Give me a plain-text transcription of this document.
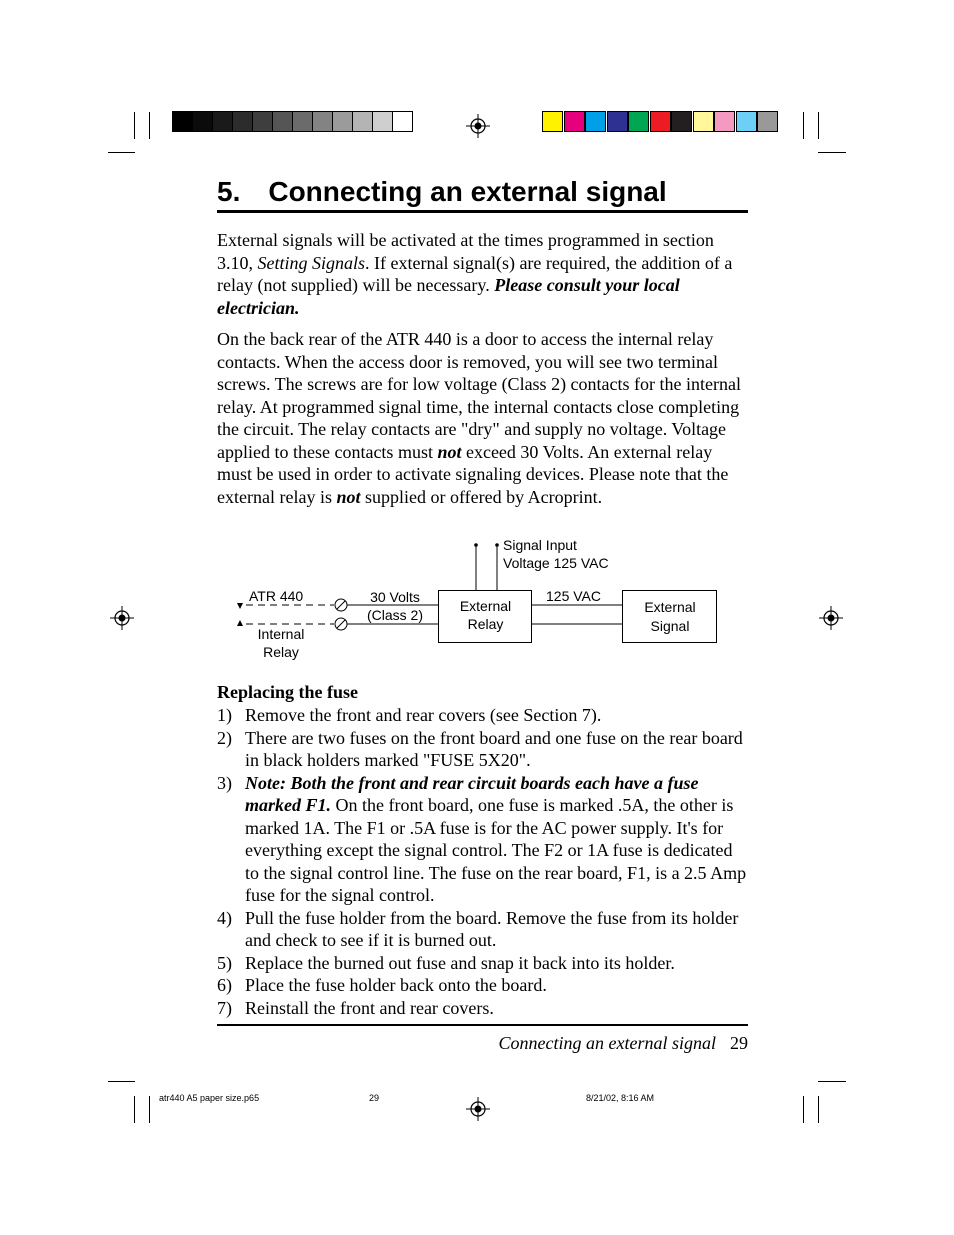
5. Connecting an external signal

External signals will be activated at the times programmed in section 3.10, Setting Signals. If external signal(s) are required, the addition of a relay (not supplied) will be necessary. Please consult your local electrician.

On the back rear of the ATR 440 is a door to access the internal relay contacts. When the access door is removed, you will see two terminal screws. The screws are for low voltage (Class 2) contacts for the internal relay. At programmed signal time, the internal contacts close completing the circuit. The relay contacts are "dry" and supply no voltage. Voltage applied to these contacts must not exceed 30 Volts. An external relay must be used in order to activate signaling devices. Please note that the external relay is not supplied or offered by Acroprint.

ATR 440
Internal
Relay
30 Volts
(Class 2)
External
Relay
Signal Input
Voltage 125 VAC
125 VAC
External
Signal
Replacing the fuse
1) Remove the front and rear covers (see Section 7).
2) There are two fuses on the front board and one fuse on the rear board in black holders marked "FUSE 5X20".
3) Note: Both the front and rear circuit boards each have a fuse marked F1. On the front board, one fuse is marked .5A, the other is marked 1A. The F1 or .5A fuse is for the AC power supply. It's for everything except the signal control. The F2 or 1A fuse is dedicated to the signal control line. The fuse on the rear board, F1, is a 2.5 Amp fuse for the signal control.
4) Pull the fuse holder from the board. Remove the fuse from its holder and check to see if it is burned out.
5) Replace the burned out fuse and snap it back into its holder.
6) Place the fuse holder back onto the board.
7) Reinstall the front and rear covers.
Connecting an external signal 29
atr440 A5 paper size.p65	29	8/21/02, 8:16 AM
